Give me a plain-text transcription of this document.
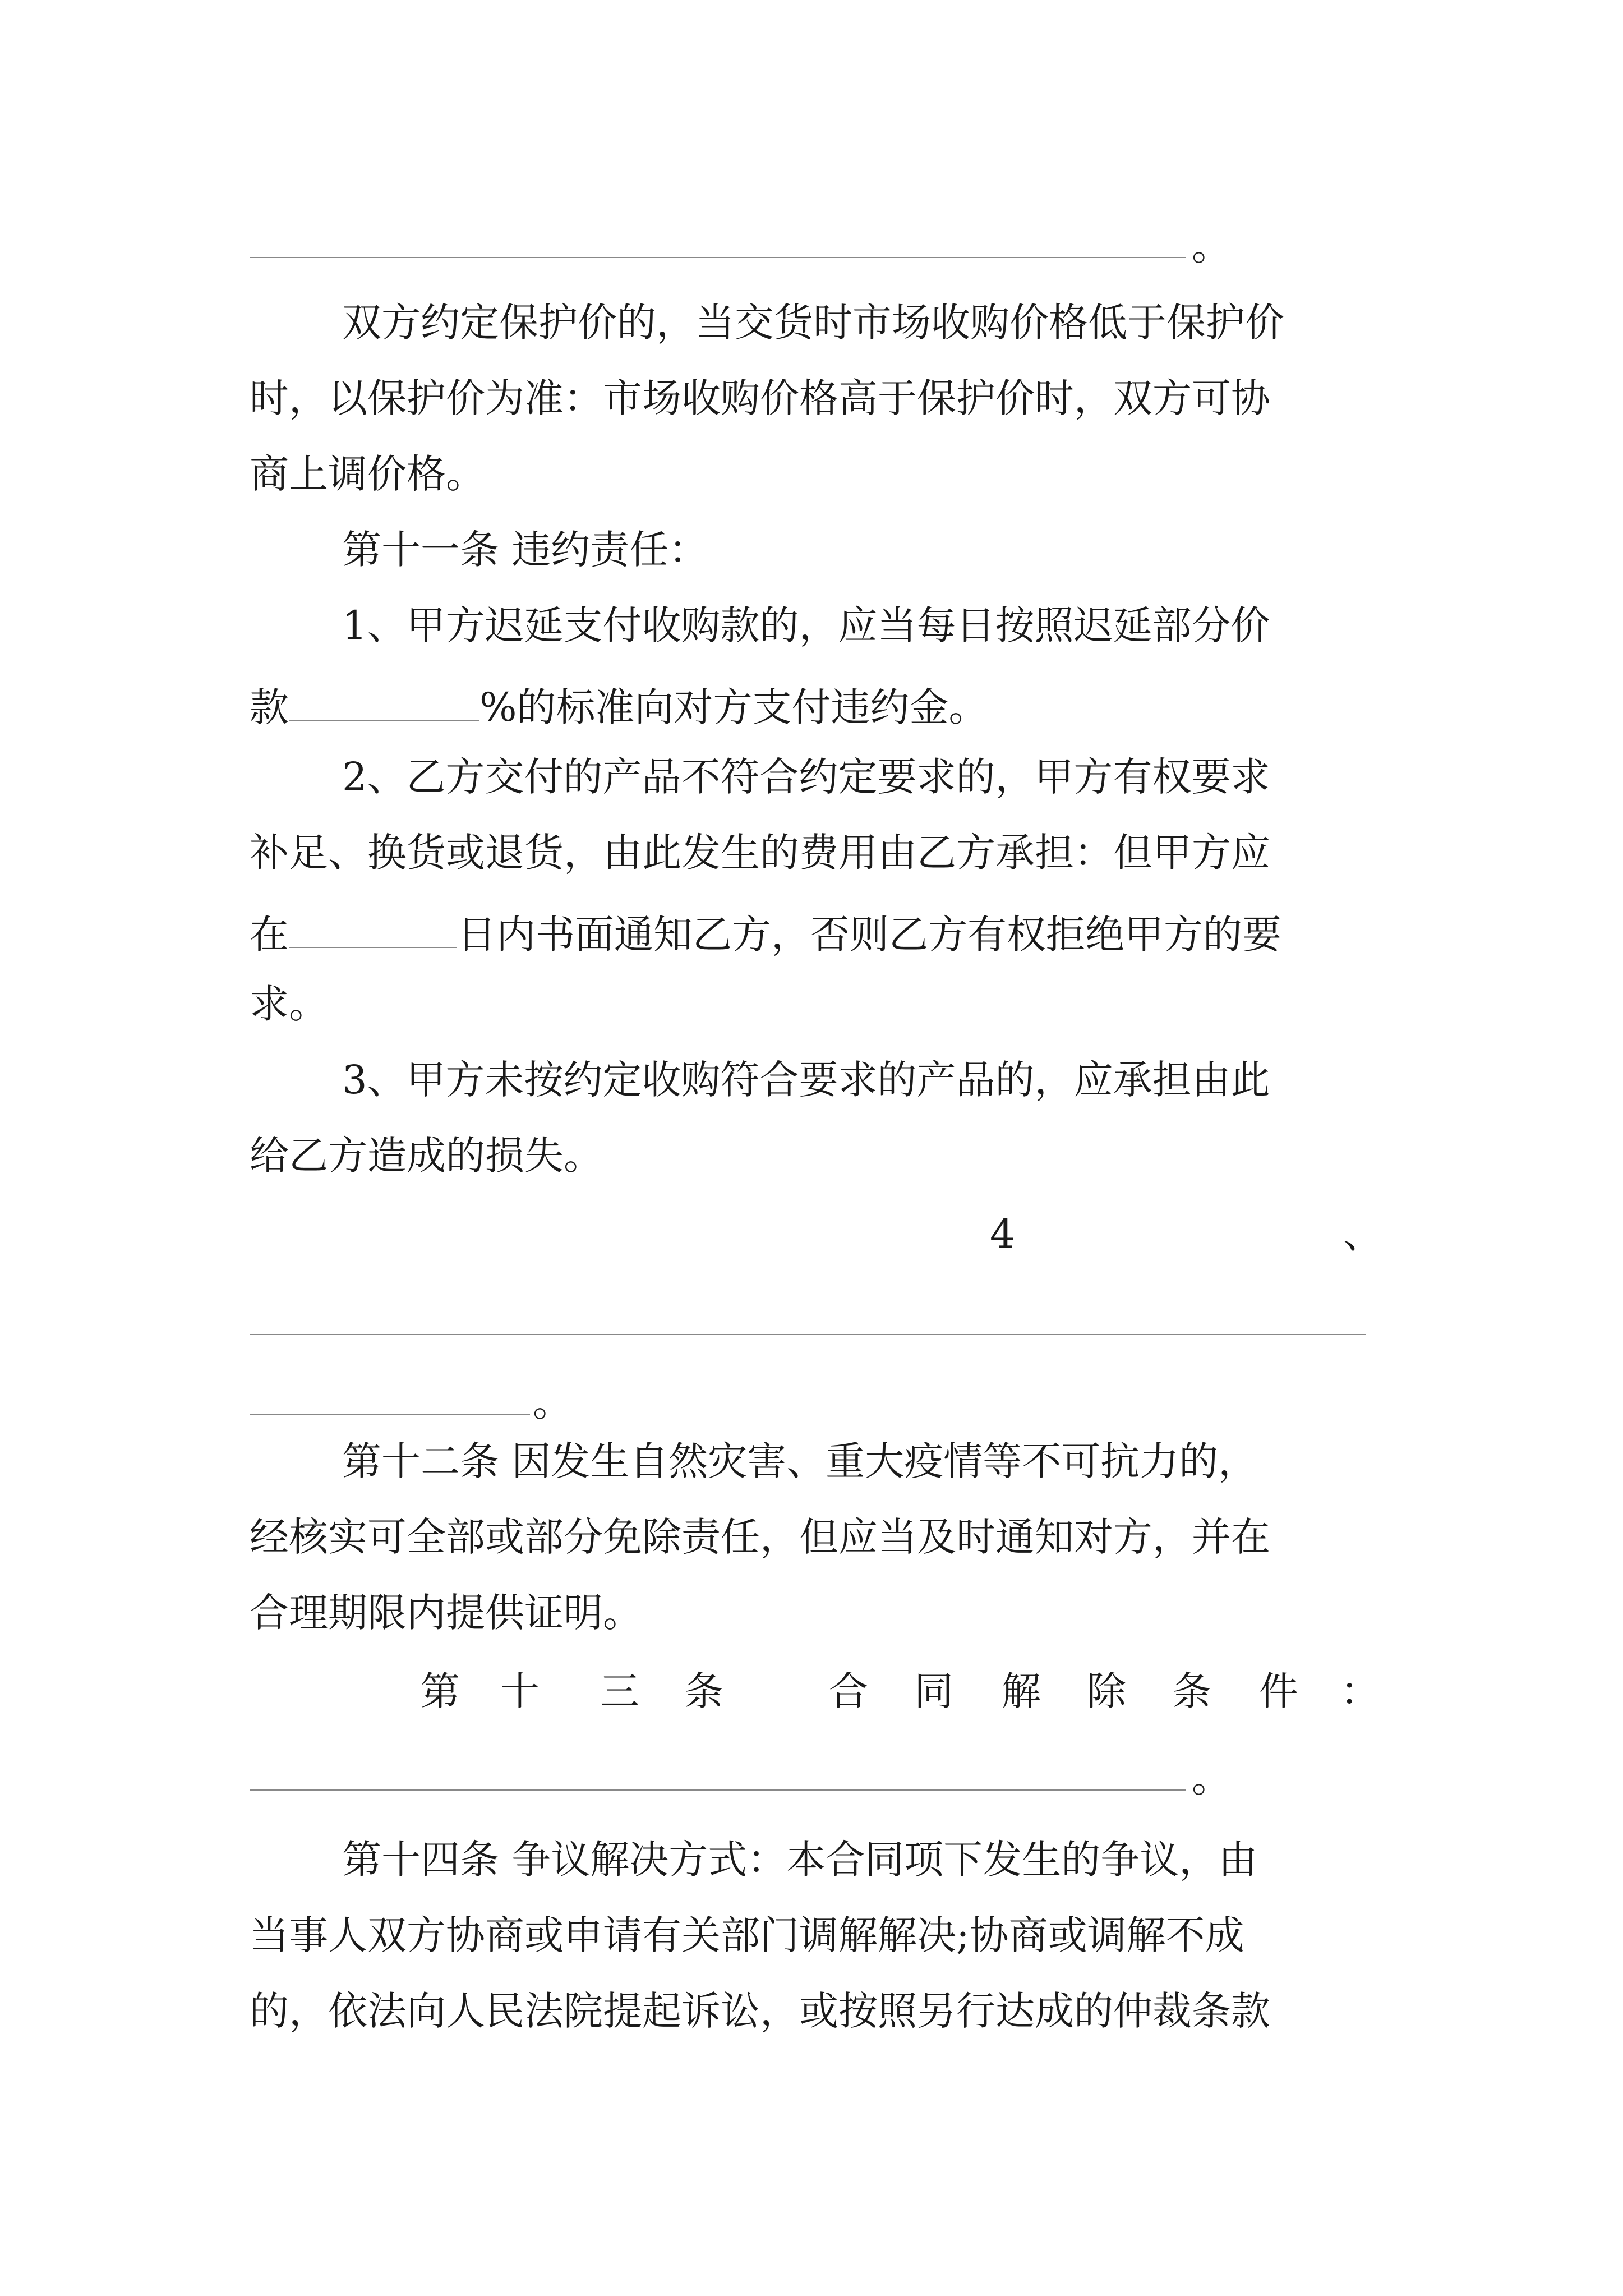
。
双方约定保护价的，当交货时市场收购价格低于保护价
时，以保护价为准：市场收购价格高于保护价时，双方可协
商上调价格。
第十一条 违约责任：
1、甲方迟延支付收购款的，应当每日按照迟延部分价
款	%的标准向对方支付违约金。
2、乙方交付的产品不符合约定要求的，甲方有权要求
补足、换货或退货，由此发生的费用由乙方承担：但甲方应
在	日内书面通知乙方，否则乙方有权拒绝甲方的要
求。
3、甲方未按约定收购符合要求的产品的，应承担由此
给乙方造成的损失。
4	、
。
第十二条 因发生自然灾害、重大疫情等不可抗力的，
经核实可全部或部分免除责任，但应当及时通知对方，并在
合理期限内提供证明。
第 十 三 条	合 同 解 除 条 件 ：
。
第十四条 争议解决方式：本合同项下发生的争议，由
当事人双方协商或申请有关部门调解解决;协商或调解不成
的，依法向人民法院提起诉讼，或按照另行达成的仲裁条款
